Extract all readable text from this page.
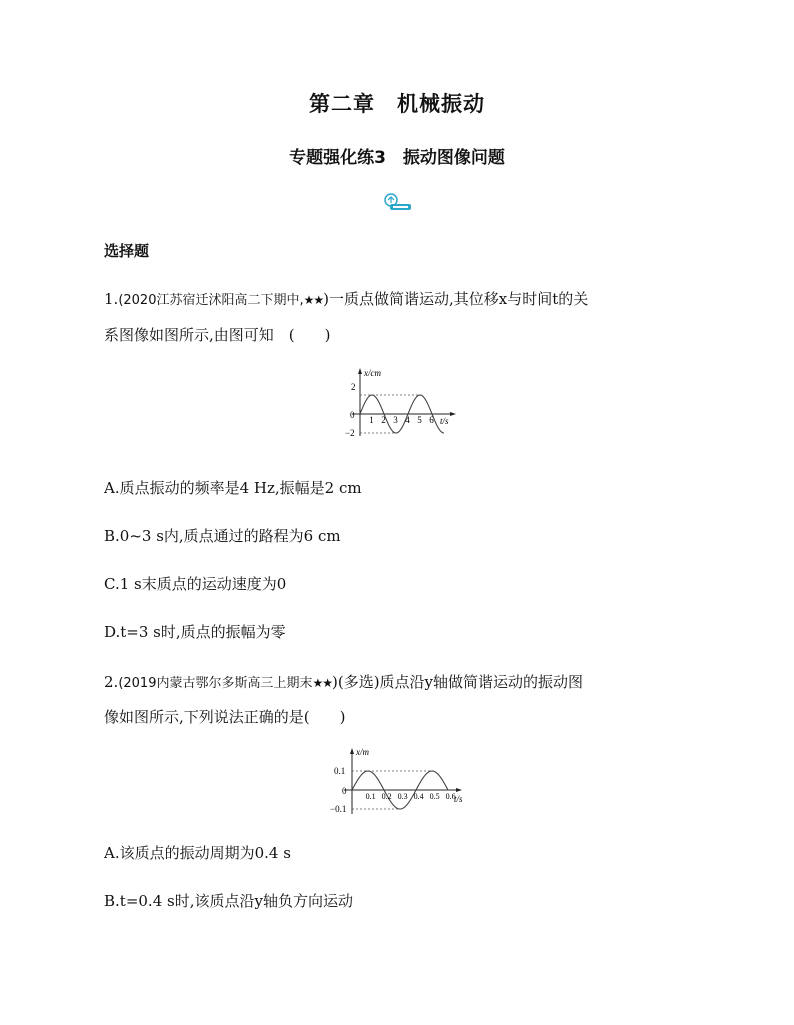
第二章　机械振动
专题强化练3　振动图像问题
选择题
1.(2020江苏宿迁沭阳高二下期中,★★)一质点做简谐运动,其位移x与时间t的关
系图像如图所示,由图可知　(　　)
x/cm
0
2
−2
t/s
1 2 3 4 5 6
A.质点振动的频率是4 Hz,振幅是2 cm
B.0~3 s内,质点通过的路程为6 cm
C.1 s末质点的运动速度为0
D.t=3 s时,质点的振幅为零
2.(2019内蒙古鄂尔多斯高三上期末★★)(多选)质点沿y轴做简谐运动的振动图
像如图所示,下列说法正确的是(　　)
x/m
0
0.1
−0.1
t/s
0.1 0.2 0.3 0.4 0.5 0.6
A.该质点的振动周期为0.4 s
B.t=0.4 s时,该质点沿y轴负方向运动
